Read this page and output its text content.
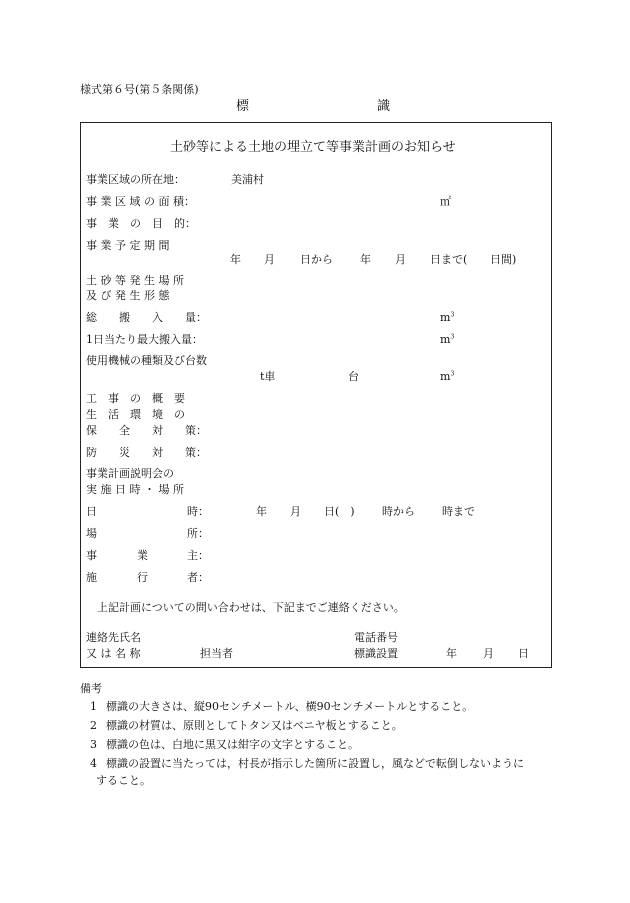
様式第６号(第５条関係)
標	識
土砂等による土地の埋立て等事業計画のお知らせ
事業区域の所在地：	美浦村
事 業 区 域 の 面 積：	㎡
事　業　の　目　的：
事 業 予 定 期 間
年 月 日から 年 月 日まで( 日間)
土 砂 等 発 生 場 所
及 び 発 生 形 態
総　　搬　　入　　量：	$m^3$
1日当たり最大搬入量：	$m^3$
使用機械の種類及び台数
t車	台	$m^3$
工　事　の　概　要
生　活　環　境　の
保　　全　　対　　策：
防　　災　　対　　策：
事業計画説明会の
実 施 日 時 ・ 場 所
日	時：	年 月 日(　) 時から 時まで
場	所：
事	業	主：
施	行	者：
上記計画についての問い合わせは、下記までご連絡ください。
連絡先氏名
又 は 名 称	担当者
電話番号
標識設置	年 月 日
備考
1 標識の大きさは、縦90センチメートル、横90センチメートルとすること。
2 標識の材質は、原則としてトタン又はベニヤ板とすること。
3 標識の色は、白地に黒又は紺字の文字とすること。
4 標識の設置に当たっては，村長が指示した箇所に設置し，風などで転倒しないように
すること。
